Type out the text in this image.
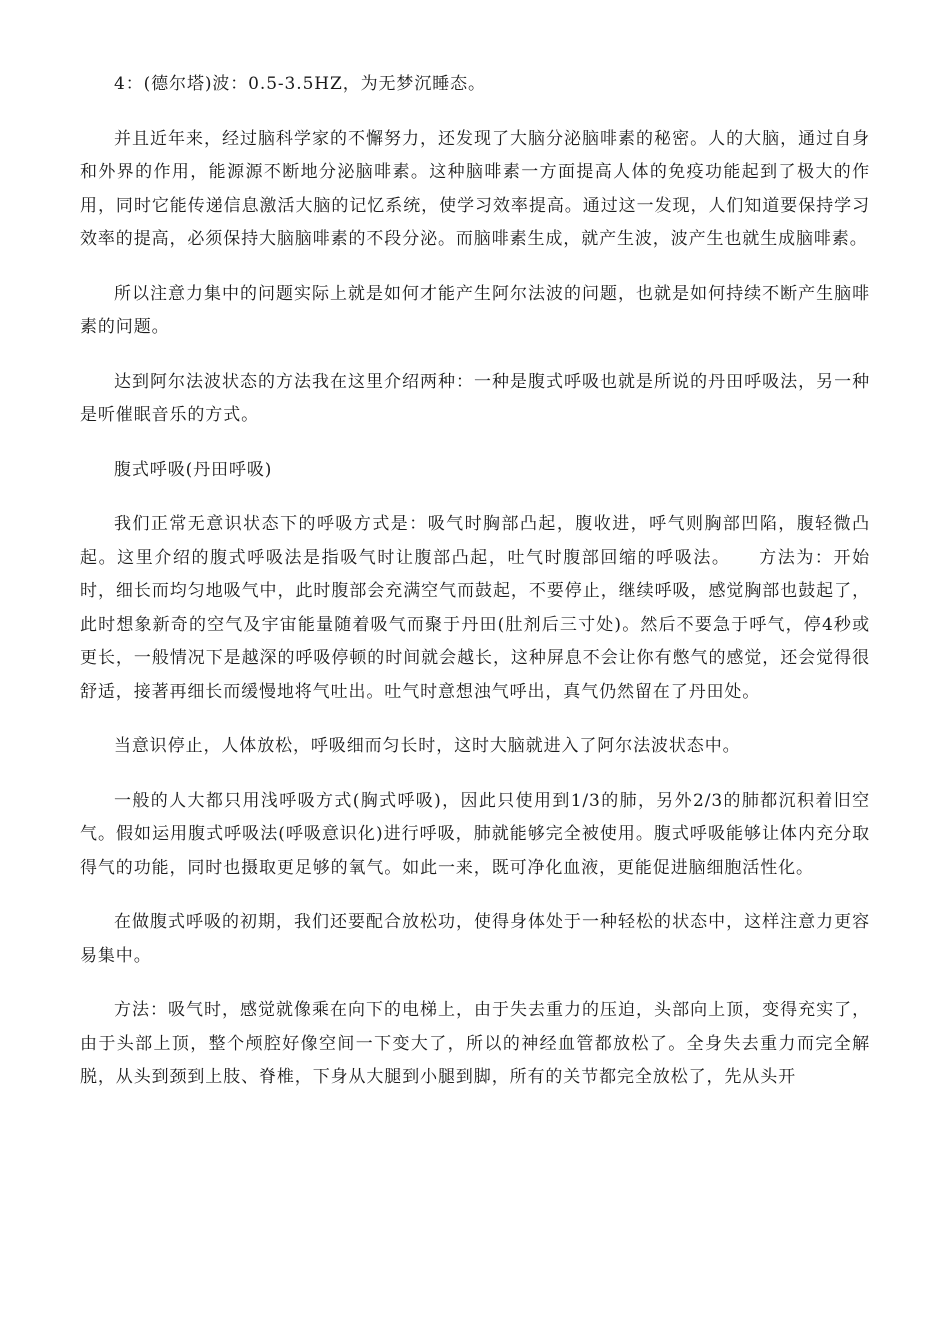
4：(德尔塔)波：0.5-3.5HZ，为无梦沉睡态。

并且近年来，经过脑科学家的不懈努力，还发现了大脑分泌脑啡素的秘密。人的大脑，通过自身和外界的作用，能源源不断地分泌脑啡素。这种脑啡素一方面提高人体的免疫功能起到了极大的作用，同时它能传递信息激活大脑的记忆系统，使学习效率提高。通过这一发现，人们知道要保持学习效率的提高，必须保持大脑脑啡素的不段分泌。而脑啡素生成，就产生波，波产生也就生成脑啡素。

所以注意力集中的问题实际上就是如何才能产生阿尔法波的问题，也就是如何持续不断产生脑啡素的问题。

达到阿尔法波状态的方法我在这里介绍两种：一种是腹式呼吸也就是所说的丹田呼吸法，另一种是听催眠音乐的方式。

腹式呼吸(丹田呼吸)

我们正常无意识状态下的呼吸方式是：吸气时胸部凸起，腹收进，呼气则胸部凹陷，腹轻微凸起。这里介绍的腹式呼吸法是指吸气时让腹部凸起，吐气时腹部回缩的呼吸法。　　方法为：开始时，细长而均匀地吸气中，此时腹部会充满空气而鼓起，不要停止，继续呼吸，感觉胸部也鼓起了，此时想象新奇的空气及宇宙能量随着吸气而聚于丹田(肚剂后三寸处)。然后不要急于呼气，停4秒或更长，一般情况下是越深的呼吸停顿的时间就会越长，这种屏息不会让你有憋气的感觉，还会觉得很舒适，接著再细长而缓慢地将气吐出。吐气时意想浊气呼出，真气仍然留在了丹田处。

当意识停止，人体放松，呼吸细而匀长时，这时大脑就进入了阿尔法波状态中。

一般的人大都只用浅呼吸方式(胸式呼吸)，因此只使用到1/3的肺，另外2/3的肺都沉积着旧空气。假如运用腹式呼吸法(呼吸意识化)进行呼吸，肺就能够完全被使用。腹式呼吸能够让体内充分取得气的功能，同时也摄取更足够的氧气。如此一来，既可净化血液，更能促进脑细胞活性化。

在做腹式呼吸的初期，我们还要配合放松功，使得身体处于一种轻松的状态中，这样注意力更容易集中。

方法：吸气时，感觉就像乘在向下的电梯上，由于失去重力的压迫，头部向上顶，变得充实了，由于头部上顶，整个颅腔好像空间一下变大了，所以的神经血管都放松了。全身失去重力而完全解脱，从头到颈到上肢、脊椎，下身从大腿到小腿到脚，所有的关节都完全放松了，先从头开
